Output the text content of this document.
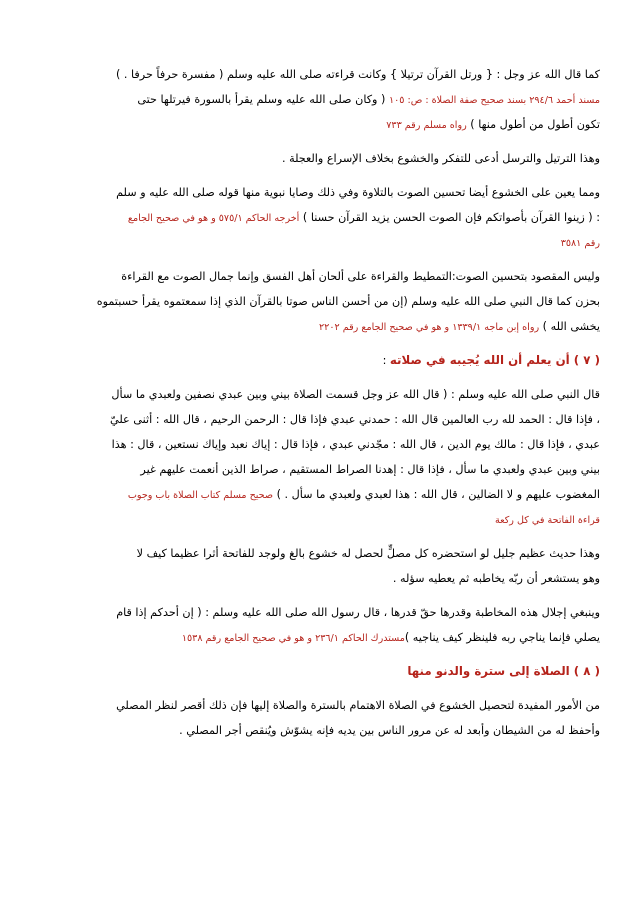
كما قال الله عز وجل : { ورتل القرآن ترتيلا } وكانت قراءته صلى الله عليه وسلم ( مفسرة حرفاً حرفا . )
مسند أحمد ٢٩٤/٦ بسند صحيح صفة الصلاة : ص: ١٠٥ ( وكان صلى الله عليه وسلم يقرأ بالسورة فيرتلها حتى
تكون أطول من أطول منها ) رواه مسلم رقم ٧٣٣
وهذا الترتيل والترسل أدعى للتفكر والخشوع بخلاف الإسراع والعجلة .
ومما يعين على الخشوع أيضا تحسين الصوت بالتلاوة وفي ذلك وصايا نبوية منها قوله صلى الله عليه و سلم
: ( زينوا القرآن بأصواتكم فإن الصوت الحسن يزيد القرآن حسنا ) أخرجه الحاكم ٥٧٥/١ و هو في صحيح الجامع
رقم ٣٥٨١
وليس المقصود بتحسين الصوت:التمطيط والقراءة على ألحان أهل الفسق وإنما جمال الصوت مع القراءة
بحزن كما قال النبي صلى الله عليه وسلم (إن من أحسن الناس صوتا بالقرآن الذي إذا سمعتموه يقرأ حسبتموه
يخشى الله ) رواه إبن ماجه ١٣٣٩/١ و هو في صحيح الجامع رقم ٢٢٠٢
( ٧ ) أن يعلم أن الله يُجيبه في صلاته :
قال النبي صلى الله عليه وسلم : ( قال الله عز وجل قسمت الصلاة بيني وبين عبدي نصفين ولعبدي ما سأل
، فإذا قال : الحمد لله رب العالمين قال الله : حمدني عبدي فإذا قال : الرحمن الرحيم ، قال الله : أثنى عليّ
عبدي ، فإذا قال : مالك يوم الدين ، قال الله : مجّدني عبدي ، فإذا قال : إياك نعبد وإياك نستعين ، قال : هذا
بيني وبين عبدي ولعبدي ما سأل ، فإذا قال : إهدنا الصراط المستقيم ، صراط الذين أنعمت عليهم غير
المغضوب عليهم و لا الضالين ، قال الله : هذا لعبدي ولعبدي ما سأل . ) صحيح مسلم كتاب الصلاة باب وجوب
قراءة الفاتحة في كل ركعة
وهذا حديث عظيم جليل لو استحضره كل مصلٍّ لحصل له خشوع بالغ ولوجد للفاتحة أثرا عظيما كيف لا
وهو يستشعر أن ربّه يخاطبه ثم يعطيه سؤله .
وينبغي إجلال هذه المخاطبة وقدرها حقّ قدرها ، قال رسول الله صلى الله عليه وسلم : ( إن أحدكم إذا قام
يصلي فإنما يناجي ربه فلينظر كيف يناجيه )مستدرك الحاكم ٢٣٦/١ و هو في صحيح الجامع رقم ١٥٣٨
( ٨ ) الصلاة إلى سترة والدنو منها
من الأمور المفيدة لتحصيل الخشوع في الصلاة الاهتمام بالسترة والصلاة إليها فإن ذلك أقصر لنظر المصلي
وأحفظ له من الشيطان وأبعد له عن مرور الناس بين يديه فإنه يشوّش ويُنقص أجر المصلي .
